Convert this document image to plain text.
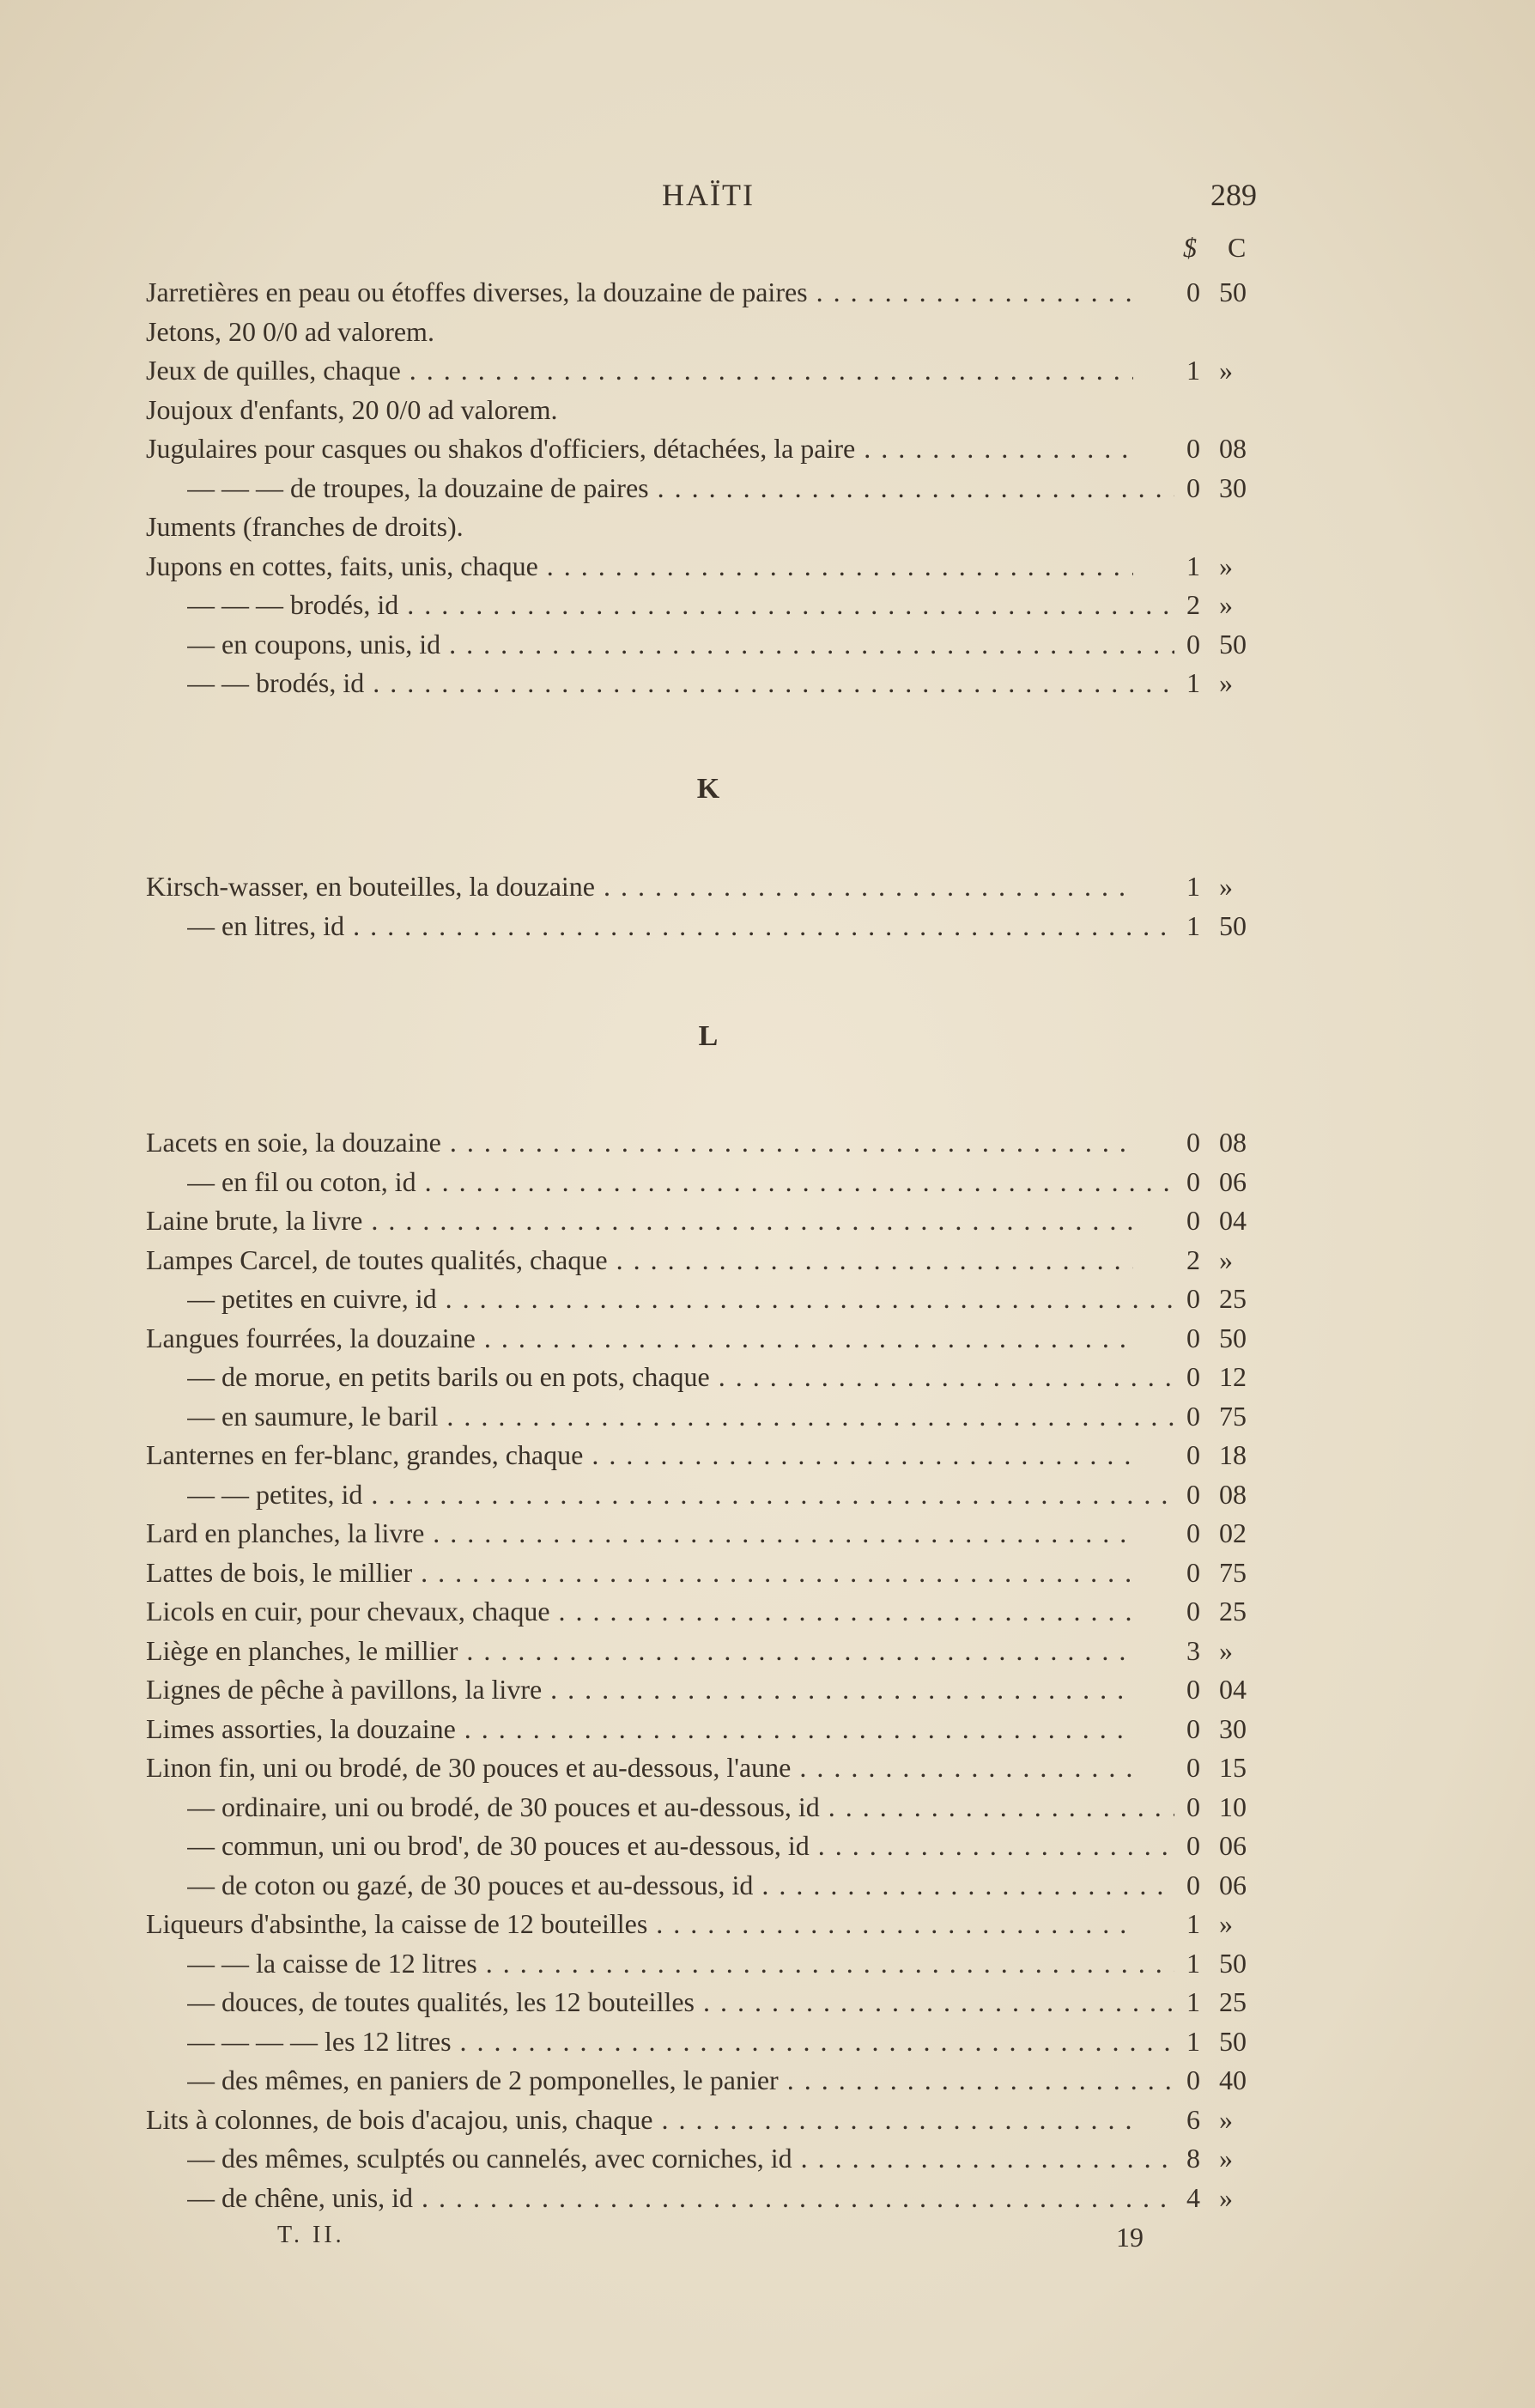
HAÏTI	289
$ C
Jarretières en peau ou étoffes diverses, la douzaine de paires . . .	0 50
Jetons, 20 0/0 ad valorem.
Jeux de quilles, chaque . . .	1 »
Joujoux d'enfants, 20 0/0 ad valorem.
Jugulaires pour casques ou shakos d'officiers, détachées, la paire . . .	0 08
— — — de troupes, la douzaine de paires . . .	0 30
Juments (franches de droits).
Jupons en cottes, faits, unis, chaque . . .	1 »
— — — brodés, id . . .	2 »
— en coupons, unis, id . . .	0 50
— — brodés, id . . .	1 »
K
Kirsch-wasser, en bouteilles, la douzaine . . .	1 »
— en litres, id . . .	1 50
L
Lacets en soie, la douzaine . . .	0 08
— en fil ou coton, id . . .	0 06
Laine brute, la livre . . .	0 04
Lampes Carcel, de toutes qualités, chaque . . .	2 »
— petites en cuivre, id . . .	0 25
Langues fourrées, la douzaine . . .	0 50
— de morue, en petits barils ou en pots, chaque . . .	0 12
— en saumure, le baril . . .	0 75
Lanternes en fer-blanc, grandes, chaque . . .	0 18
— — petites, id . . .	0 08
Lard en planches, la livre . . .	0 02
Lattes de bois, le millier . . .	0 75
Licols en cuir, pour chevaux, chaque . . .	0 25
Liège en planches, le millier . . .	3 »
Lignes de pêche à pavillons, la livre . . .	0 04
Limes assorties, la douzaine . . .	0 30
Linon fin, uni ou brodé, de 30 pouces et au-dessous, l'aune . . .	0 15
— ordinaire, uni ou brodé, de 30 pouces et au-dessous, id . . .	0 10
— commun, uni ou brod', de 30 pouces et au-dessous, id . . .	0 06
— de coton ou gazé, de 30 pouces et au-dessous, id . . .	0 06
Liqueurs d'absinthe, la caisse de 12 bouteilles . . .	1 »
— — la caisse de 12 litres . . .	1 50
— douces, de toutes qualités, les 12 bouteilles . . .	1 25
— — — — les 12 litres . . .	1 50
— des mêmes, en paniers de 2 pomponelles, le panier . . .	0 40
Lits à colonnes, de bois d'acajou, unis, chaque . . .	6 »
— des mêmes, sculptés ou cannelés, avec corniches, id . . .	8 »
— de chêne, unis, id . . .	4 »
T. II.	19
